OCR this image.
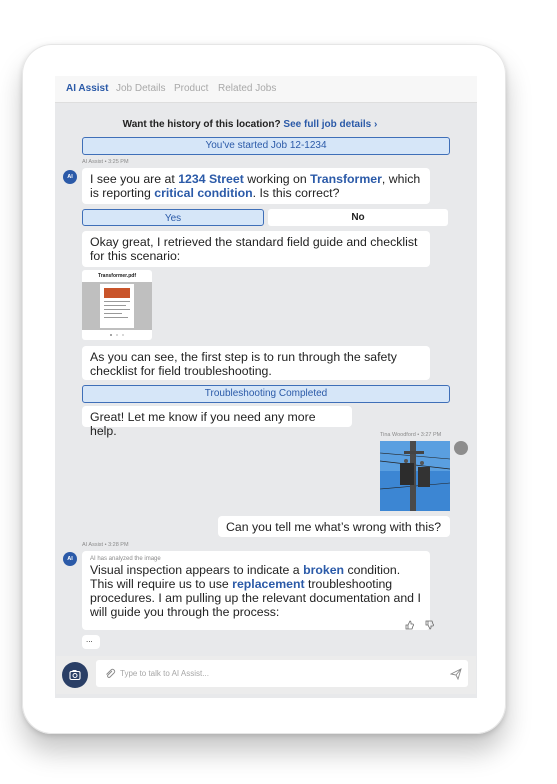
AI Assist Job Details Product Related Jobs
Want the history of this location? See full job details ›
You've started Job 12-1234
AI Assist • 3:25 PM
AI	I see you are at 1234 Street working on Transformer, which is reporting critical condition. Is this correct?
Yes	No
Okay great, I retrieved the standard field guide and checklist for this scenario:
Transformer.pdf
As you can see, the first step is to run through the safety checklist for field troubleshooting.
Troubleshooting Completed
Great! Let me know if you need any more help.	Tina Woodford • 3:27 PM
Can you tell me what’s wrong with this?
AI Assist • 3:28 PM
AI	AI has analyzed the image
Visual inspection appears to indicate a broken condition. This will require us to use replacement troubleshooting procedures. I am pulling up the relevant documentation and I will guide you through the process:
...
Type to talk to AI Assist...
